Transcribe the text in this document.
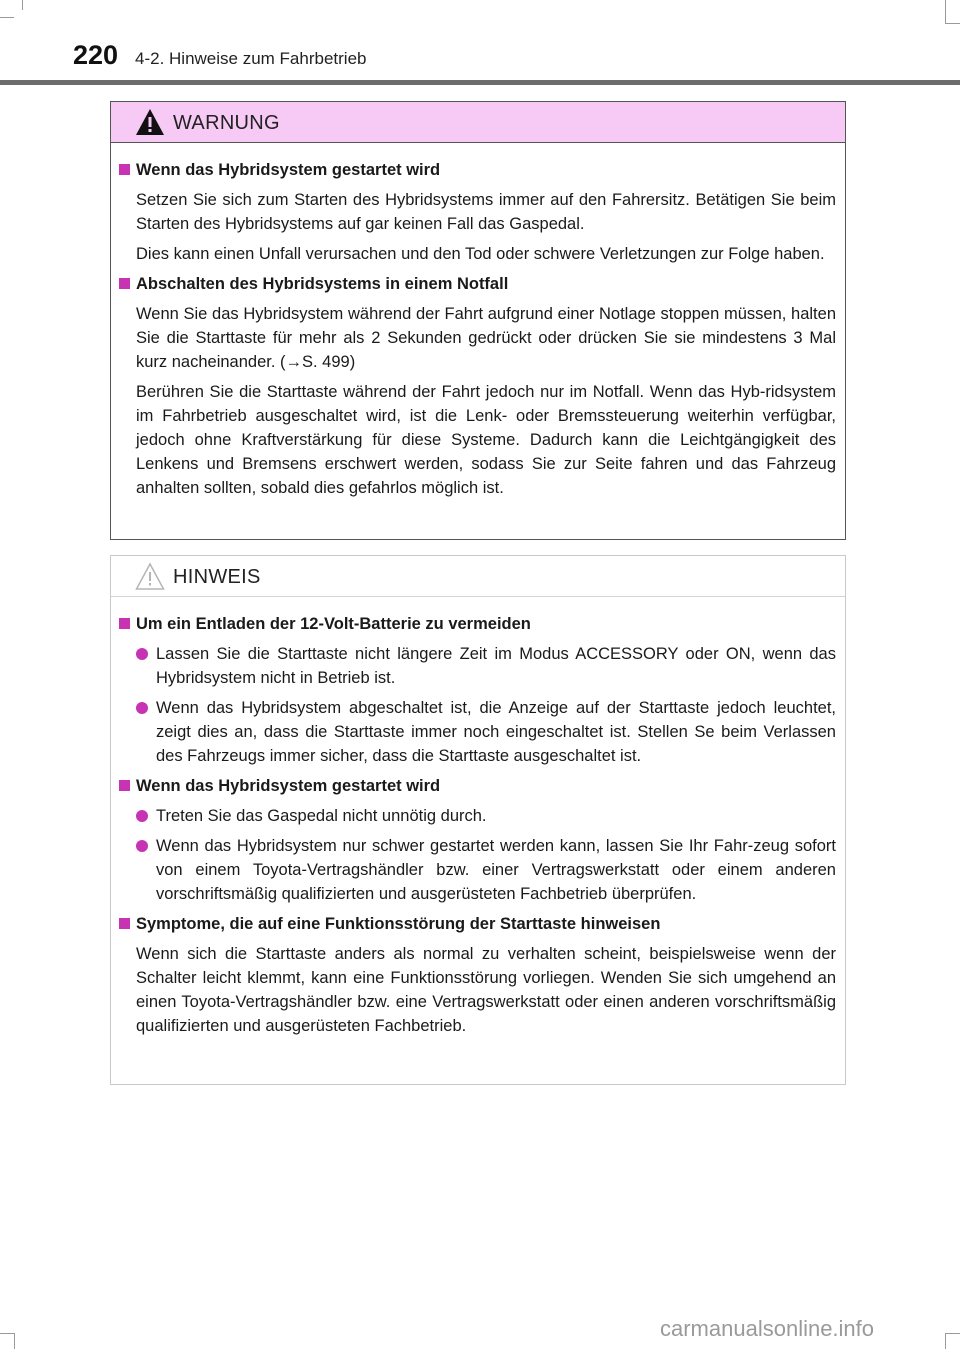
220 4-2. Hinweise zum Fahrbetrieb
WARNUNG
Wenn das Hybridsystem gestartet wird

Setzen Sie sich zum Starten des Hybridsystems immer auf den Fahrersitz. Betätigen Sie beim Starten des Hybridsystems auf gar keinen Fall das Gaspedal.

Dies kann einen Unfall verursachen und den Tod oder schwere Verletzungen zur Folge haben.

Abschalten des Hybridsystems in einem Notfall

Wenn Sie das Hybridsystem während der Fahrt aufgrund einer Notlage stoppen müssen, halten Sie die Starttaste für mehr als 2 Sekunden gedrückt oder drücken Sie sie mindestens 3 Mal kurz nacheinander. (→S. 499)

Berühren Sie die Starttaste während der Fahrt jedoch nur im Notfall. Wenn das Hyb-ridsystem im Fahrbetrieb ausgeschaltet wird, ist die Lenk- oder Bremssteuerung weiterhin verfügbar, jedoch ohne Kraftverstärkung für diese Systeme. Dadurch kann die Leichtgängigkeit des Lenkens und Bremsens erschwert werden, sodass Sie zur Seite fahren und das Fahrzeug anhalten sollten, sobald dies gefahrlos möglich ist.

HINWEIS
Um ein Entladen der 12-Volt-Batterie zu vermeiden
Lassen Sie die Starttaste nicht längere Zeit im Modus ACCESSORY oder ON, wenn das Hybridsystem nicht in Betrieb ist.
Wenn das Hybridsystem abgeschaltet ist, die Anzeige auf der Starttaste jedoch leuchtet, zeigt dies an, dass die Starttaste immer noch eingeschaltet ist. Stellen Se beim Verlassen des Fahrzeugs immer sicher, dass die Starttaste ausgeschaltet ist.
Wenn das Hybridsystem gestartet wird
Treten Sie das Gaspedal nicht unnötig durch.
Wenn das Hybridsystem nur schwer gestartet werden kann, lassen Sie Ihr Fahr-zeug sofort von einem Toyota-Vertragshändler bzw. einer Vertragswerkstatt oder einem anderen vorschriftsmäßig qualifizierten und ausgerüsteten Fachbetrieb überprüfen.
Symptome, die auf eine Funktionsstörung der Starttaste hinweisen

Wenn sich die Starttaste anders als normal zu verhalten scheint, beispielsweise wenn der Schalter leicht klemmt, kann eine Funktionsstörung vorliegen. Wenden Sie sich umgehend an einen Toyota-Vertragshändler bzw. eine Vertragswerkstatt oder einen anderen vorschriftsmäßig qualifizierten und ausgerüsteten Fachbetrieb.

carmanualsonline.info
